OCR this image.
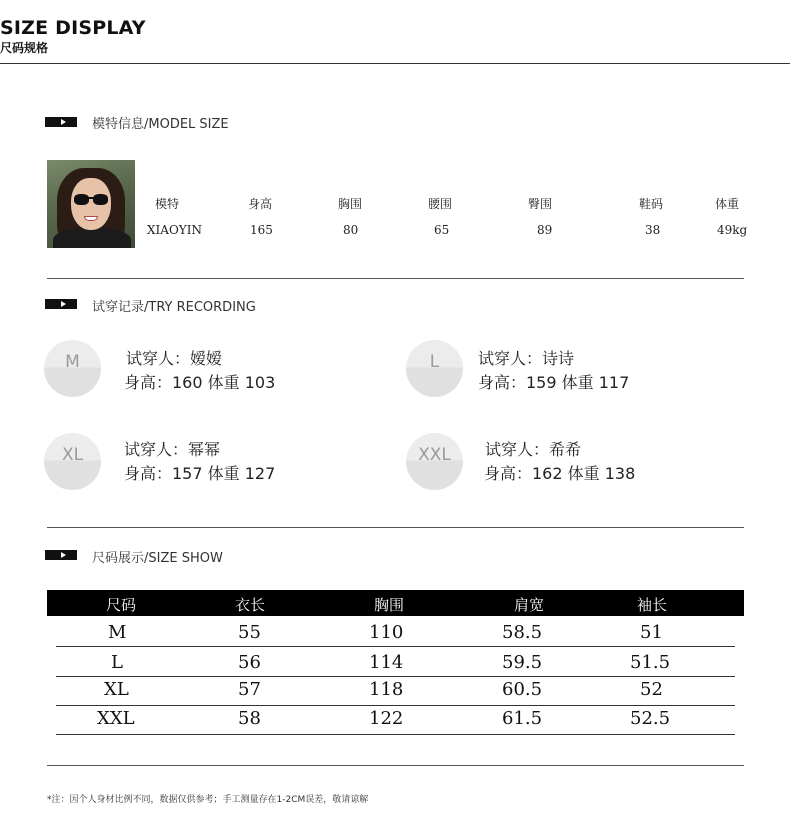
SIZE DISPLAY
尺码规格
模特信息/MODEL SIZE
模特	身高	胸围	腰围	臀围	鞋码	体重
XIAOYIN	165	80	65	89	38	49kg
试穿记录/TRY RECORDING
M	试穿人：嫒嫒
身高：160 体重 103
L	试穿人：诗诗
身高：159 体重 117
XL	试穿人：幂幂
身高：157 体重 127
XXL	试穿人：希希
身高：162 体重 138
尺码展示/SIZE SHOW
尺码	衣长	胸围	肩宽	袖长
M	55	110	58.5	51
L	56	114	59.5	51.5
XL	57	118	60.5	52
XXL	58	122	61.5	52.5
*注：因个人身材比例不同，数据仅供参考；手工测量存在1-2CM误差，敬请谅解
